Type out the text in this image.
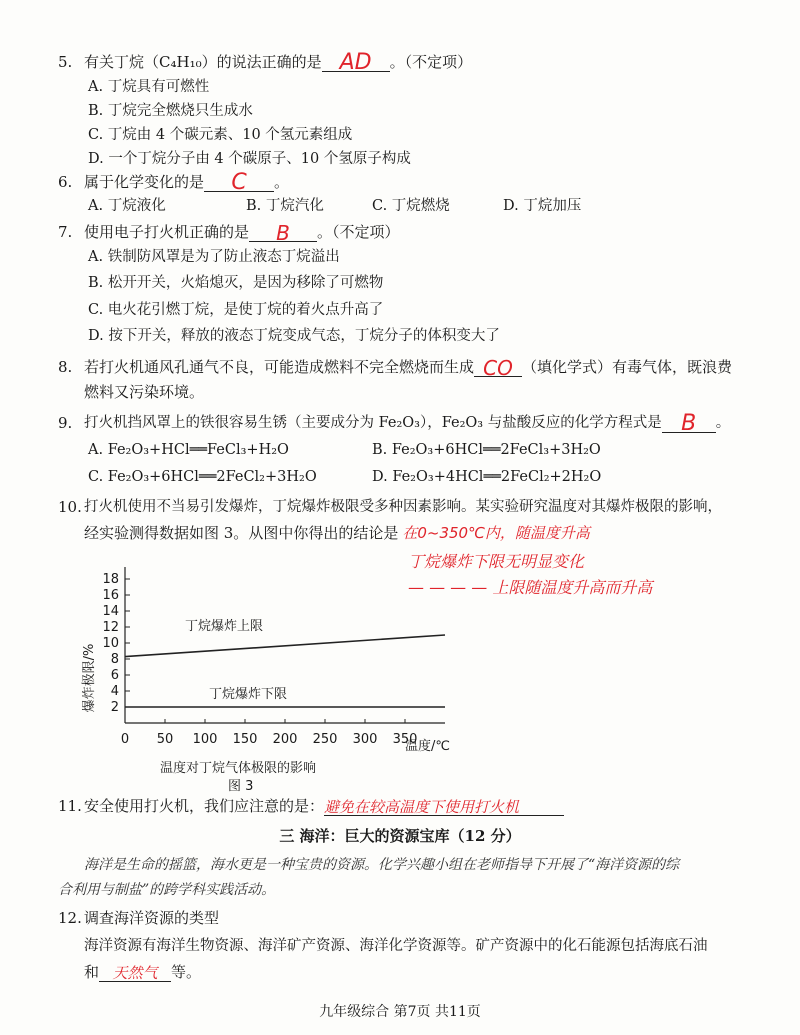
5. 有关丁烷（C₄H₁₀）的说法正确的是 AD 。（不定项）
A. 丁烷具有可燃性
B. 丁烷完全燃烧只生成水
C. 丁烷由 4 个碳元素、10 个氢元素组成
D. 一个丁烷分子由 4 个碳原子、10 个氢原子构成
6. 属于化学变化的是 C 。
A. 丁烷液化	B. 丁烷汽化	C. 丁烷燃烧	D. 丁烷加压
7. 使用电子打火机正确的是 B 。（不定项）
A. 铁制防风罩是为了防止液态丁烷溢出
B. 松开开关，火焰熄灭，是因为移除了可燃物
C. 电火花引燃丁烷，是使丁烷的着火点升高了
D. 按下开关，释放的液态丁烷变成气态，丁烷分子的体积变大了
8. 若打火机通风孔通气不良，可能造成燃料不完全燃烧而生成 CO （填化学式）有毒气体，既浪费
燃料又污染环境。
9. 打火机挡风罩上的铁很容易生锈（主要成分为 Fe₂O₃），Fe₂O₃ 与盐酸反应的化学方程式是 B 。
A. Fe₂O₃+HCl══FeCl₃+H₂O	B. Fe₂O₃+6HCl══2FeCl₃+3H₂O
C. Fe₂O₃+6HCl══2FeCl₂+3H₂O	D. Fe₂O₃+4HCl══2FeCl₂+2H₂O
10. 打火机使用不当易引发爆炸，丁烷爆炸极限受多种因素影响。某实验研究温度对其爆炸极限的影响，
经实验测得数据如图 3。从图中你得出的结论是 在0~350℃内，随温度升高
丁烷爆炸下限无明显变化
— — — — 上限随温度升高而升高
爆炸极限/% 2
4
6
8
10
12
14
16
18
0 50 100 150 200 250 300 350
丁烷爆炸上限
丁烷爆炸下限
温度/℃
温度对丁烷气体极限的影响
图 3
11. 安全使用打火机，我们应注意的是：避免在较高温度下使用打火机
三 海洋：巨大的资源宝库（12 分）
海洋是生命的摇篮，海水更是一种宝贵的资源。化学兴趣小组在老师指导下开展了“海洋资源的综
合利用与制盐”的跨学科实践活动。
12. 调查海洋资源的类型
海洋资源有海洋生物资源、海洋矿产资源、海洋化学资源等。矿产资源中的化石能源包括海底石油
和 天然气 等。
九年级综合 第7页 共11页
